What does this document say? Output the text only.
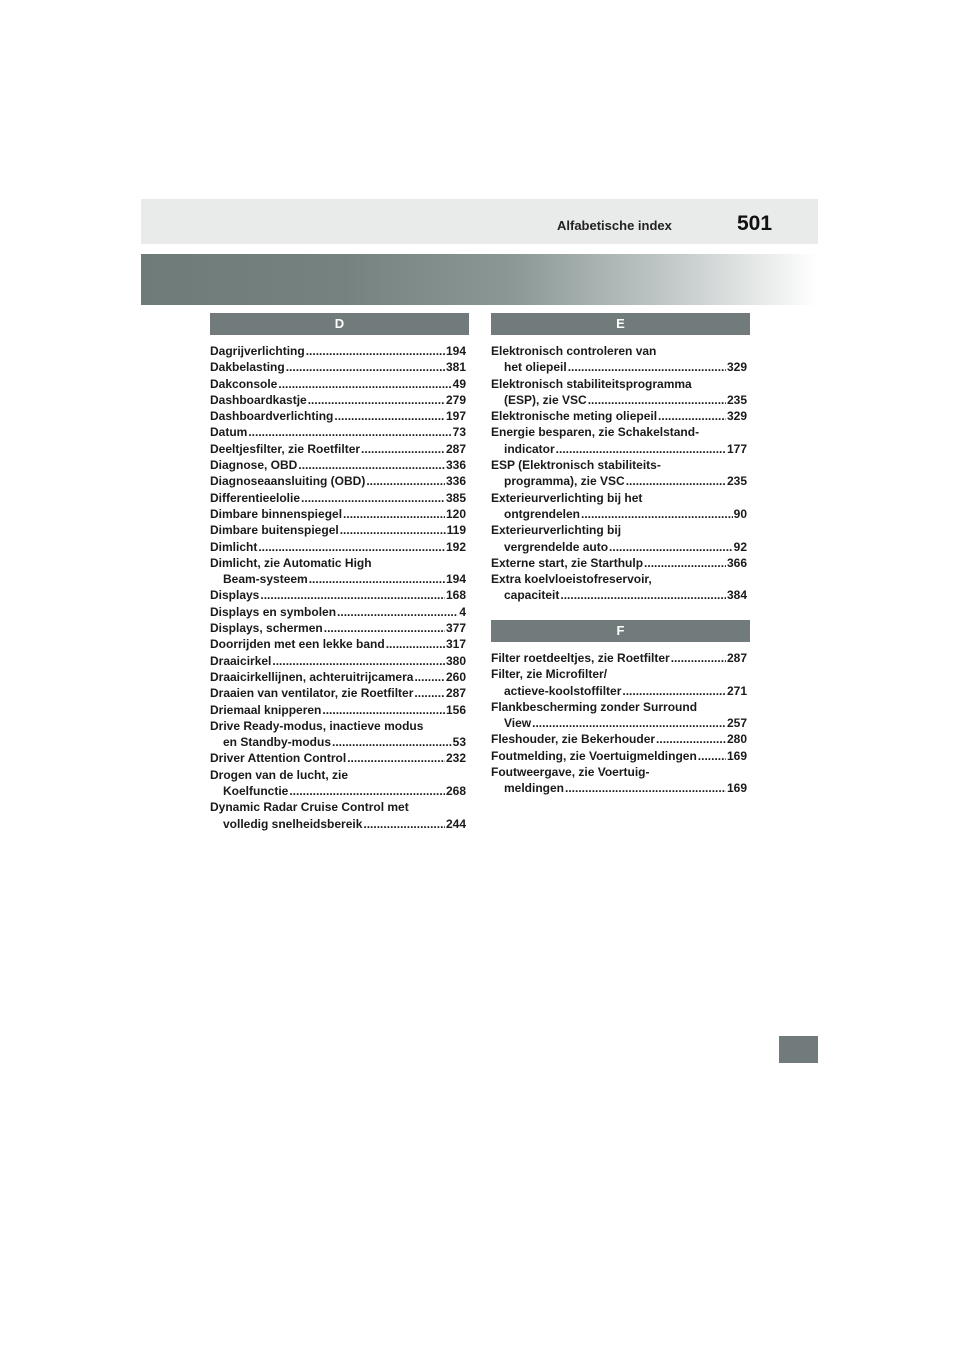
Alfabetische index	501
D
Dagrijverlichting .....	194
Dakbelasting .....	381
Dakconsole .....	49
Dashboardkastje .....	279
Dashboardverlichting .....	197
Datum .....	73
Deeltjesfilter, zie Roetfilter .....	287
Diagnose, OBD .....	336
Diagnoseaansluiting (OBD) .....	336
Differentieelolie .....	385
Dimbare binnenspiegel .....	120
Dimbare buitenspiegel .....	119
Dimlicht .....	192
Dimlicht, zie Automatic High
Beam-systeem .....	194
Displays .....	168
Displays en symbolen .....	4
Displays, schermen .....	377
Doorrijden met een lekke band .....	317
Draaicirkel .....	380
Draaicirkellijnen, achteruitrijcamera .....	260
Draaien van ventilator, zie Roetfilter .....	287
Driemaal knipperen .....	156
Drive Ready-modus, inactieve modus
en Standby-modus .....	53
Driver Attention Control .....	232
Drogen van de lucht, zie
Koelfunctie .....	268
Dynamic Radar Cruise Control met
volledig snelheidsbereik .....	244
E
Elektronisch controleren van
het oliepeil .....	329
Elektronisch stabiliteitsprogramma
(ESP), zie VSC .....	235
Elektronische meting oliepeil .....	329
Energie besparen, zie Schakelstand-
indicator .....	177
ESP (Elektronisch stabiliteits-
programma), zie VSC .....	235
Exterieurverlichting bij het
ontgrendelen .....	90
Exterieurverlichting bij
vergrendelde auto .....	92
Externe start, zie Starthulp .....	366
Extra koelvloeistofreservoir,
capaciteit .....	384
F
Filter roetdeeltjes, zie Roetfilter .....	287
Filter, zie Microfilter/
actieve-koolstoffilter .....	271
Flankbescherming zonder Surround
View .....	257
Fleshouder, zie Bekerhouder .....	280
Foutmelding, zie Voertuigmeldingen .....	169
Foutweergave, zie Voertuig-
meldingen .....	169
